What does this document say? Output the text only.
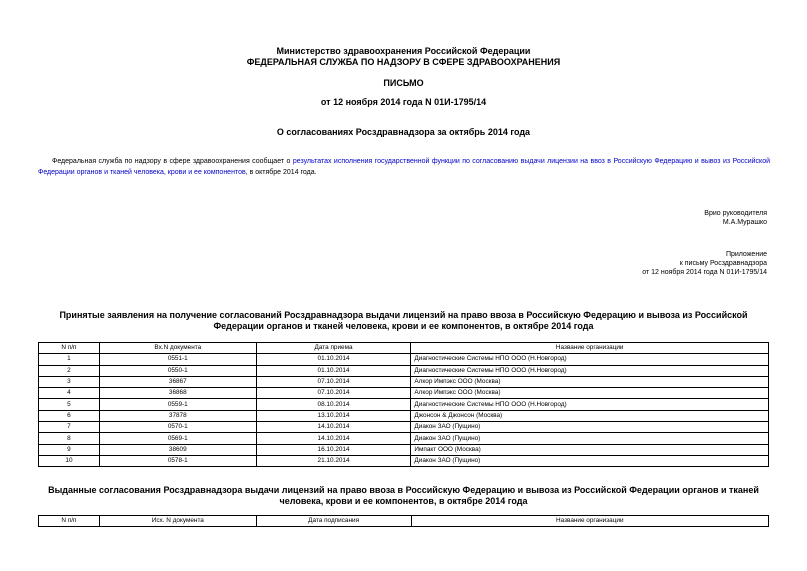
Министерство здравоохранения Российской Федерации
ФЕДЕРАЛЬНАЯ СЛУЖБА ПО НАДЗОРУ В СФЕРЕ ЗДРАВООХРАНЕНИЯ
ПИСЬМО
от 12 ноября 2014 года N 01И-1795/14
О согласованиях Росздравнадзора за октябрь 2014 года
Федеральная служба по надзору в сфере здравоохранения сообщает о результатах исполнения государственной функции по согласованию выдачи лицензии на ввоз в Российскую Федерацию и вывоз из Российской Федерации органов и тканей человека, крови и ее компонентов, в октябре 2014 года.
Врио руководителя
М.А.Мурашко
Приложение
к письму Росздравнадзора
от 12 ноября 2014 года N 01И-1795/14
Принятые заявления на получение согласований Росздравнадзора выдачи лицензий на право ввоза в Российскую Федерацию и вывоза из Российской Федерации органов и тканей человека, крови и ее компонентов, в октябре 2014 года
N п/п	Вх.N документа	Дата приема	Название организации
1	0551-1	01.10.2014	Диагностические Системы НПО ООО (Н.Новгород)
2	0550-1	01.10.2014	Диагностические Системы НПО ООО (Н.Новгород)
3	36867	07.10.2014	Алкор Импэкс ООО (Москва)
4	36868	07.10.2014	Алкор Импэкс ООО (Москва)
5	0559-1	08.10.2014	Диагностические Системы НПО ООО (Н.Новгород)
6	37878	13.10.2014	Джонсон & Джонсон (Москва)
7	0570-1	14.10.2014	Диакон ЗАО (Пущино)
8	0569-1	14.10.2014	Диакон ЗАО (Пущино)
9	38609	16.10.2014	Импакт ООО (Москва)
10	0578-1	21.10.2014	Диакон ЗАО (Пущино)
Выданные согласования Росздравнадзора выдачи лицензий на право ввоза в Российскую Федерацию и вывоза из Российской Федерации органов и тканей человека, крови и ее компонентов, в октябре 2014 года
N п/п	Исх. N документа	Дата подписания	Название организации
